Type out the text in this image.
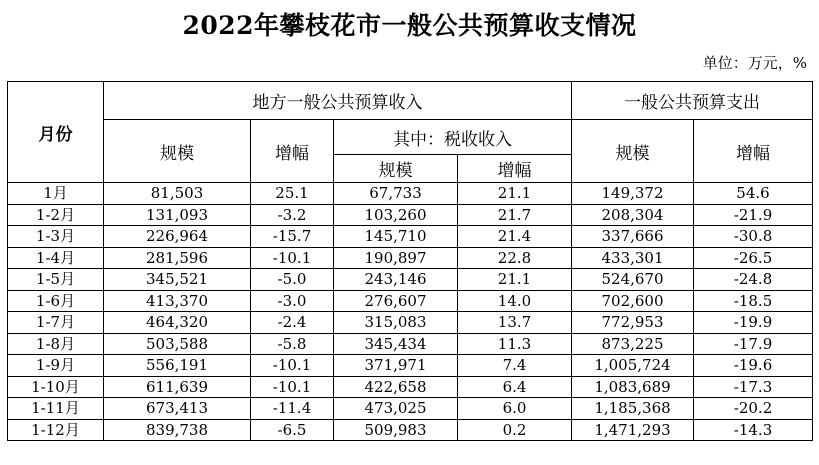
2022年攀枝花市一般公共预算收支情况
单位：万元，%
月份	地方一般公共预算收入				一般公共预算支出	
	规模	增幅	其中：税收收入		规模	增幅
			规模	增幅		
1月	81,503	25.1	67,733	21.1	149,372	54.6
1-2月	131,093	-3.2	103,260	21.7	208,304	-21.9
1-3月	226,964	-15.7	145,710	21.4	337,666	-30.8
1-4月	281,596	-10.1	190,897	22.8	433,301	-26.5
1-5月	345,521	-5.0	243,146	21.1	524,670	-24.8
1-6月	413,370	-3.0	276,607	14.0	702,600	-18.5
1-7月	464,320	-2.4	315,083	13.7	772,953	-19.9
1-8月	503,588	-5.8	345,434	11.3	873,225	-17.9
1-9月	556,191	-10.1	371,971	7.4	1,005,724	-19.6
1-10月	611,639	-10.1	422,658	6.4	1,083,689	-17.3
1-11月	673,413	-11.4	473,025	6.0	1,185,368	-20.2
1-12月	839,738	-6.5	509,983	0.2	1,471,293	-14.3
